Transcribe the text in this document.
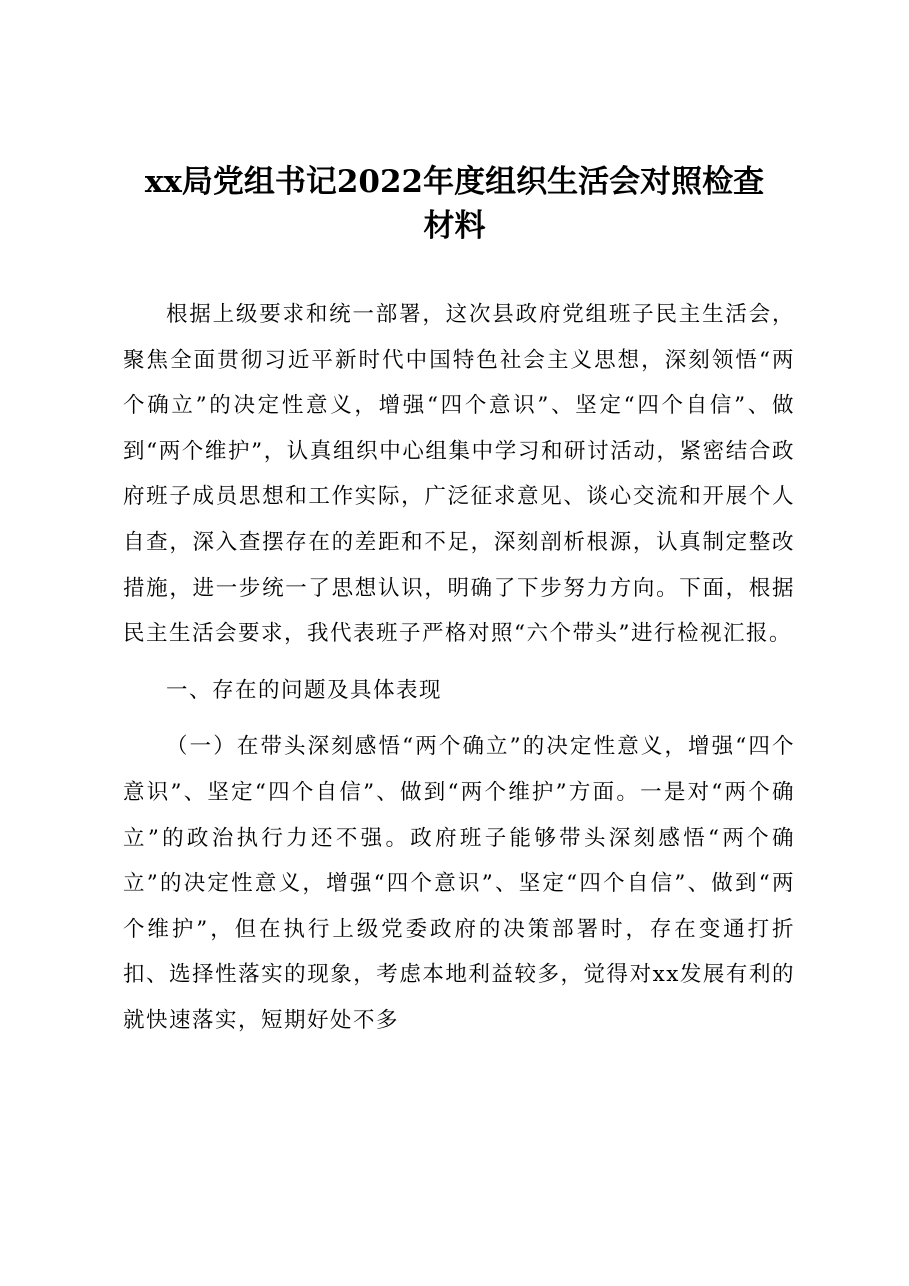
xx局党组书记2022年度组织生活会对照检查
材料

根据上级要求和统一部署，这次县政府党组班子民主生活会，聚焦全面贯彻习近平新时代中国特色社会主义思想，深刻领悟“两个确立”的决定性意义，增强“四个意识”、坚定“四个自信”、做到“两个维护”，认真组织中心组集中学习和研讨活动，紧密结合政府班子成员思想和工作实际，广泛征求意见、谈心交流和开展个人自查，深入查摆存在的差距和不足，深刻剖析根源，认真制定整改措施，进一步统一了思想认识，明确了下步努力方向。下面，根据民主生活会要求，我代表班子严格对照“六个带头”进行检视汇报。

一、存在的问题及具体表现

（一）在带头深刻感悟“两个确立”的决定性意义，增强“四个意识”、坚定“四个自信”、做到“两个维护”方面。一是对“两个确立”的政治执行力还不强。政府班子能够带头深刻感悟“两个确立”的决定性意义，增强“四个意识”、坚定“四个自信”、做到“两个维护”，但在执行上级党委政府的决策部署时，存在变通打折扣、选择性落实的现象，考虑本地利益较多，觉得对xx发展有利的就快速落实，短期好处不多
